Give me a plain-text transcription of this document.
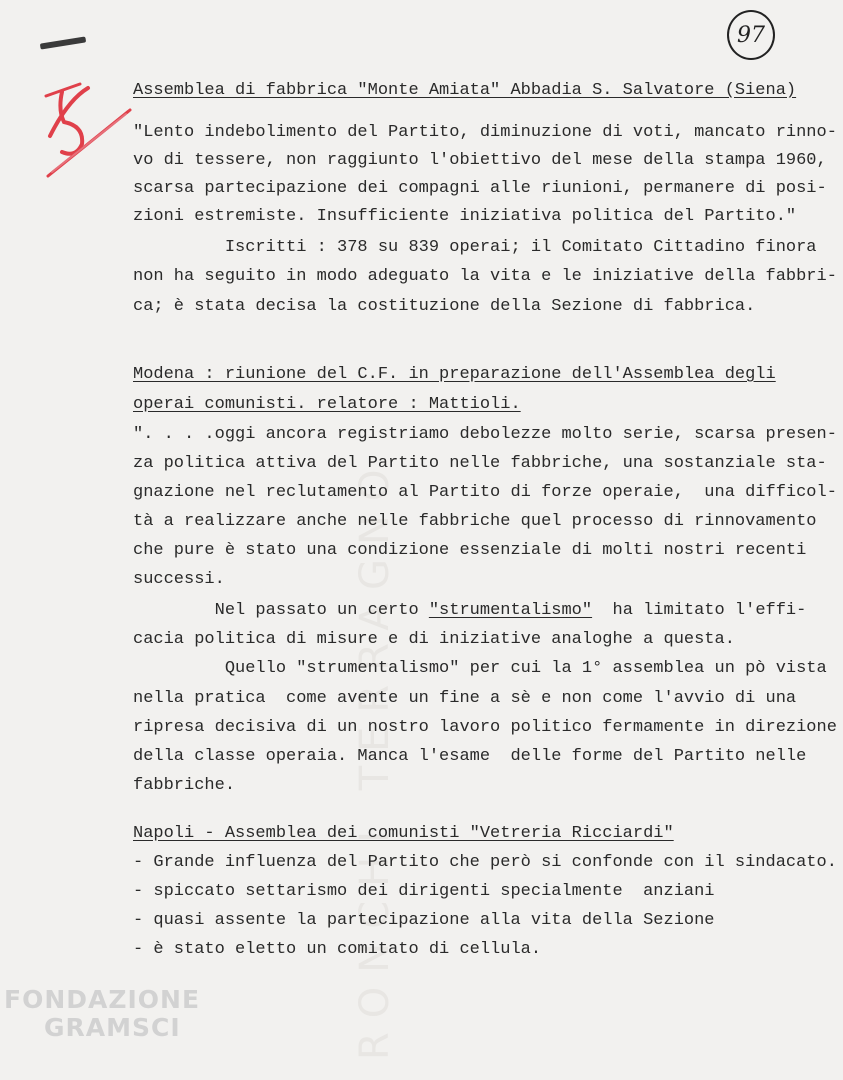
RONCHI TERRAGNO
97
Assemblea di fabbrica "Monte Amiata" Abbadia S. Salvatore (Siena)
"Lento indebolimento del Partito, diminuzione di voti, mancato rinno-
vo di tessere, non raggiunto l'obiettivo del mese della stampa 1960,
scarsa partecipazione dei compagni alle riunioni, permanere di posi-
zioni estremiste. Insufficiente iniziativa politica del Partito."
Iscritti : 378 su 839 operai; il Comitato Cittadino finora
non ha seguito in modo adeguato la vita e le iniziative della fabbri-
ca; è stata decisa la costituzione della Sezione di fabbrica.
Modena : riunione del C.F. in preparazione dell'Assemblea degli
operai comunisti. relatore : Mattioli.
". . . .oggi ancora registriamo debolezze molto serie, scarsa presen-
za politica attiva del Partito nelle fabbriche, una sostanziale sta-
gnazione nel reclutamento al Partito di forze operaie,  una difficol-
tà a realizzare anche nelle fabbriche quel processo di rinnovamento
che pure è stato una condizione essenziale di molti nostri recenti
successi.
Nel passato un certo "strumentalismo"  ha limitato l'effi-
cacia politica di misure e di iniziative analoghe a questa.
Quello "strumentalismo" per cui la 1° assemblea un pò vista
nella pratica  come avente un fine a sè e non come l'avvio di una
ripresa decisiva di un nostro lavoro politico fermamente in direzione
della classe operaia. Manca l'esame  delle forme del Partito nelle
fabbriche.
Napoli - Assemblea dei comunisti "Vetreria Ricciardi"
- Grande influenza del Partito che però si confonde con il sindacato.
- spiccato settarismo dei dirigenti specialmente  anziani
- quasi assente la partecipazione alla vita della Sezione
- è stato eletto un comitato di cellula.
FONDAZIONE
GRAMSCI
